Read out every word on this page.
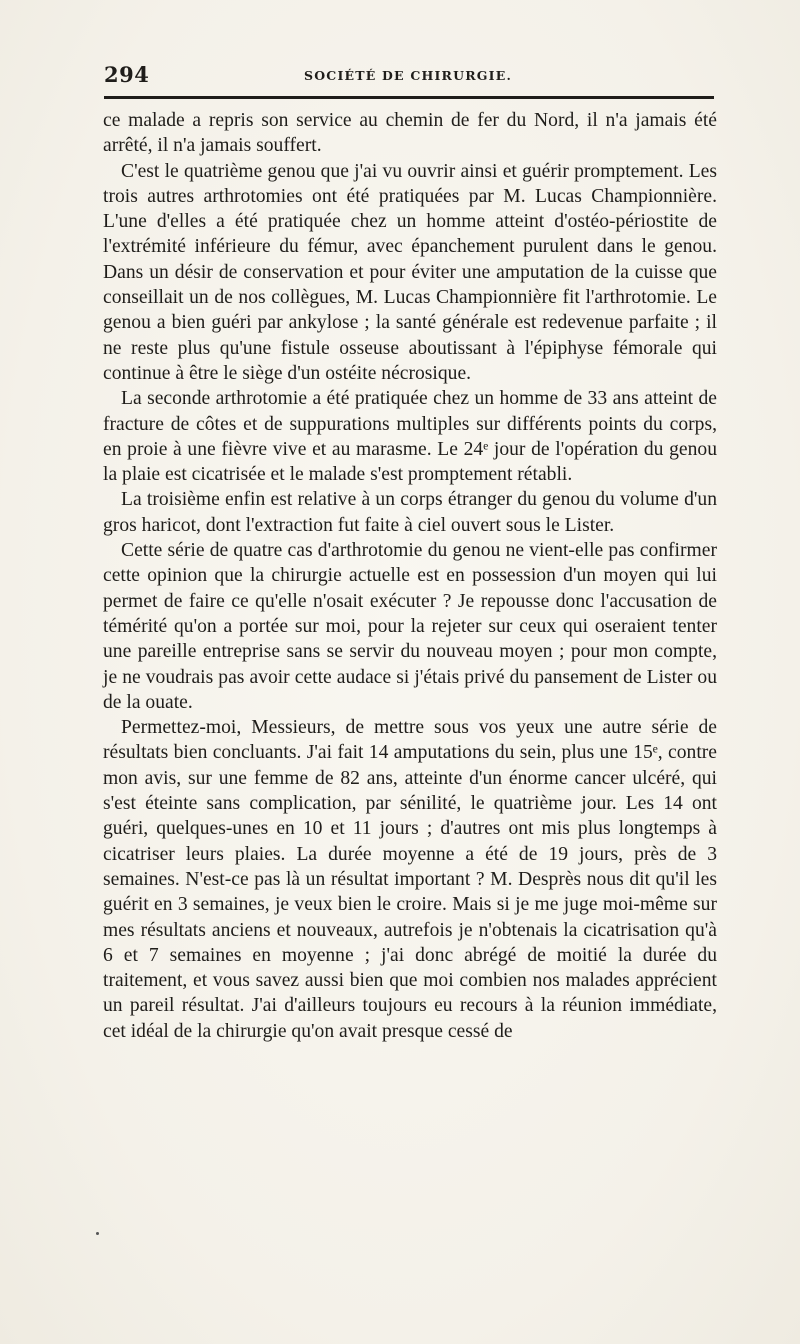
294	SOCIÉTÉ DE CHIRURGIE.

ce malade a repris son service au chemin de fer du Nord, il n'a jamais été arrêté, il n'a jamais souffert.

C'est le quatrième genou que j'ai vu ouvrir ainsi et guérir promptement. Les trois autres arthrotomies ont été pratiquées par M. Lucas Championnière. L'une d'elles a été pratiquée chez un homme atteint d'ostéo-périostite de l'extrémité inférieure du fémur, avec épanchement purulent dans le genou. Dans un désir de conservation et pour éviter une amputation de la cuisse que conseillait un de nos collègues, M. Lucas Championnière fit l'arthrotomie. Le genou a bien guéri par ankylose ; la santé générale est redevenue parfaite ; il ne reste plus qu'une fistule osseuse aboutissant à l'épiphyse fémorale qui continue à être le siège d'un ostéite nécrosique.

La seconde arthrotomie a été pratiquée chez un homme de 33 ans atteint de fracture de côtes et de suppurations multiples sur différents points du corps, en proie à une fièvre vive et au marasme. Le 24ᵉ jour de l'opération du genou la plaie est cicatrisée et le malade s'est promptement rétabli.

La troisième enfin est relative à un corps étranger du genou du volume d'un gros haricot, dont l'extraction fut faite à ciel ouvert sous le Lister.

Cette série de quatre cas d'arthrotomie du genou ne vient-elle pas confirmer cette opinion que la chirurgie actuelle est en possession d'un moyen qui lui permet de faire ce qu'elle n'osait exécuter ? Je repousse donc l'accusation de témérité qu'on a portée sur moi, pour la rejeter sur ceux qui oseraient tenter une pareille entreprise sans se servir du nouveau moyen ; pour mon compte, je ne voudrais pas avoir cette audace si j'étais privé du pansement de Lister ou de la ouate.

Permettez-moi, Messieurs, de mettre sous vos yeux une autre série de résultats bien concluants. J'ai fait 14 amputations du sein, plus une 15ᵉ, contre mon avis, sur une femme de 82 ans, atteinte d'un énorme cancer ulcéré, qui s'est éteinte sans complication, par sénilité, le quatrième jour. Les 14 ont guéri, quelques-unes en 10 et 11 jours ; d'autres ont mis plus longtemps à cicatriser leurs plaies. La durée moyenne a été de 19 jours, près de 3 semaines. N'est-ce pas là un résultat important ? M. Desprès nous dit qu'il les guérit en 3 semaines, je veux bien le croire. Mais si je me juge moi-même sur mes résultats anciens et nouveaux, autrefois je n'obtenais la cicatrisation qu'à 6 et 7 semaines en moyenne ; j'ai donc abrégé de moitié la durée du traitement, et vous savez aussi bien que moi combien nos malades apprécient un pareil résultat. J'ai d'ailleurs toujours eu recours à la réunion immédiate, cet idéal de la chirurgie qu'on avait presque cessé de
